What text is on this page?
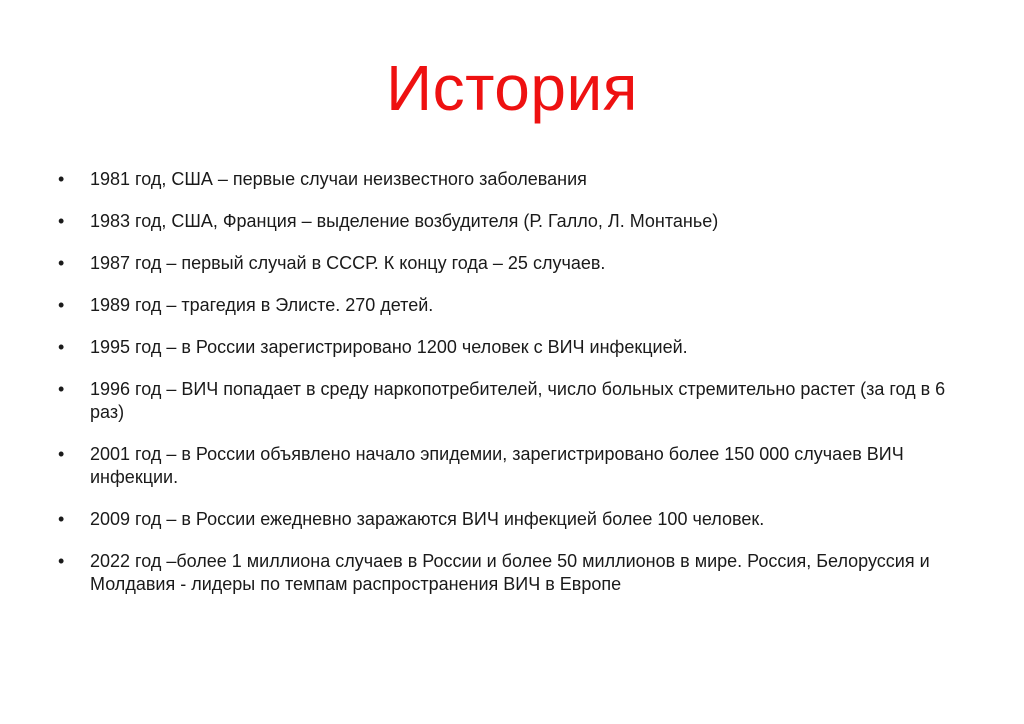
История
• 1981 год, США – первые случаи неизвестного заболевания
• 1983 год, США, Франция – выделение возбудителя (Р. Галло, Л. Монтанье)
• 1987 год – первый случай в СССР. К концу года – 25 случаев.
• 1989 год – трагедия в Элисте. 270 детей.
• 1995 год – в России зарегистрировано 1200 человек с ВИЧ инфекцией.
• 1996 год – ВИЧ попадает в среду наркопотребителей, число больных стремительно растет (за год в 6 раз)
• 2001 год – в России объявлено начало эпидемии, зарегистрировано более 150 000 случаев ВИЧ инфекции.
• 2009 год – в России ежедневно заражаются ВИЧ инфекцией более 100 человек.
• 2022 год –более 1 миллиона случаев в России и более 50 миллионов в мире. Россия, Белоруссия и Молдавия - лидеры по темпам распространения ВИЧ в Европе
